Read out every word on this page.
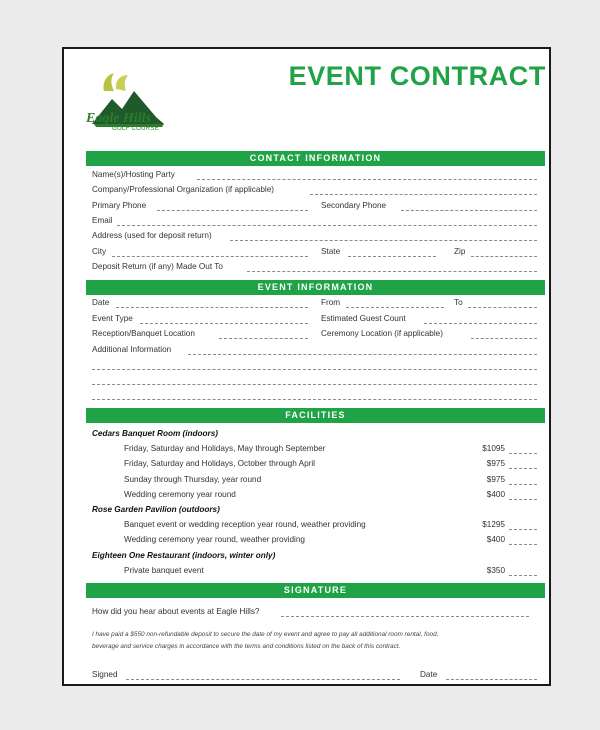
Eagle Hills
GOLF COURSE
EVENT CONTRACT
CONTACT INFORMATION
Name(s)/Hosting Party
Company/Professional Organization (if applicable)
Primary Phone	Secondary Phone
Email
Address (used for deposit return)
City	State	Zip
Deposit Return (if any) Made Out To
EVENT INFORMATION
Date	From	To
Event Type	Estimated Guest Count
Reception/Banquet Location	Ceremony Location (if applicable)
Additional Information
FACILITIES
Cedars Banquet Room (indoors)
Friday, Saturday and Holidays, May through September	$1095
Friday, Saturday and Holidays, October through April	$975
Sunday through Thursday, year round	$975
Wedding ceremony year round	$400
Rose Garden Pavilion (outdoors)
Banquet event or wedding reception year round, weather providing	$1295
Wedding ceremony year round, weather providing	$400
Eighteen One Restaurant (indoors, winter only)
Private banquet event	$350
SIGNATURE
How did you hear about events at Eagle Hills?
I have paid a $550 non-refundable deposit to secure the date of my event and agree to pay all additional room rental, food,
beverage and service charges in accordance with the terms and conditions listed on the back of this contract.
Signed	Date
